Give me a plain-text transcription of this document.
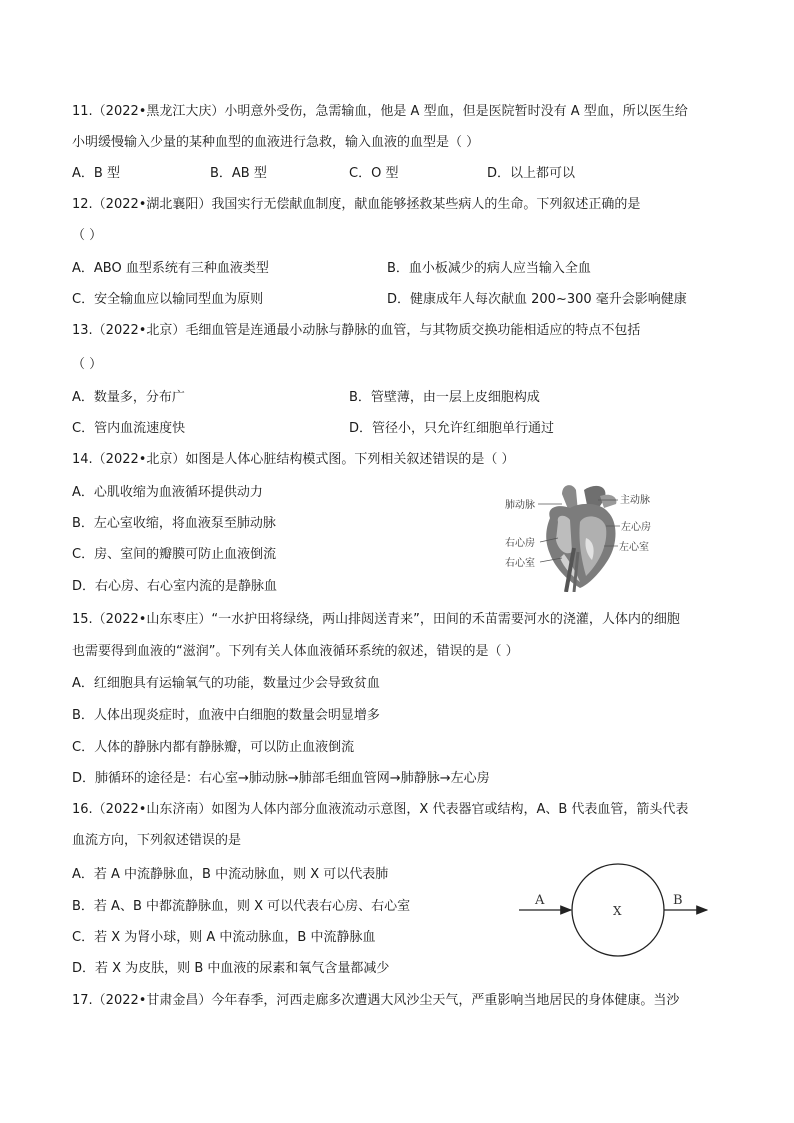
11.（2022•黑龙江大庆）小明意外受伤，急需输血，他是 A 型血，但是医院暂时没有 A 型血，所以医生给
小明缓慢输入少量的某种血型的血液进行急救，输入血液的血型是（ ）
A．B 型	B．AB 型	C．O 型	D．以上都可以
12.（2022•湖北襄阳）我国实行无偿献血制度，献血能够拯救某些病人的生命。下列叙述正确的是
（ ）
A．ABO 血型系统有三种血液类型	B．血小板减少的病人应当输入全血
C．安全输血应以输同型血为原则	D．健康成年人每次献血 200~300 毫升会影响健康
13.（2022•北京）毛细血管是连通最小动脉与静脉的血管，与其物质交换功能相适应的特点不包括
（ ）
A．数量多，分布广	B．管壁薄，由一层上皮细胞构成
C．管内血流速度快	D．管径小，只允许红细胞单行通过
14.（2022•北京）如图是人体心脏结构模式图。下列相关叙述错误的是（ ）
A．心肌收缩为血液循环提供动力
B．左心室收缩，将血液泵至肺动脉
C．房、室间的瓣膜可防止血液倒流
D．右心房、右心室内流的是静脉血
肺动脉	主动脉
左心房
右心房	左心室
右心室
15.（2022•山东枣庄）“一水护田将绿绕，两山排闼送青来”，田间的禾苗需要河水的浇灌，人体内的细胞
也需要得到血液的“滋润”。下列有关人体血液循环系统的叙述，错误的是（ ）
A．红细胞具有运输氧气的功能，数量过少会导致贫血
B．人体出现炎症时，血液中白细胞的数量会明显增多
C．人体的静脉内都有静脉瓣，可以防止血液倒流
D．肺循环的途径是：右心室→肺动脉→肺部毛细血管网→肺静脉→左心房
16.（2022•山东济南）如图为人体内部分血液流动示意图，X 代表器官或结构，A、B 代表血管，箭头代表
血流方向，下列叙述错误的是
A．若 A 中流静脉血，B 中流动脉血，则 X 可以代表肺
B．若 A、B 中都流静脉血，则 X 可以代表右心房、右心室
C．若 X 为肾小球，则 A 中流动脉血，B 中流静脉血
D．若 X 为皮肤，则 B 中血液的尿素和氧气含量都减少
A
X
B
17.（2022•甘肃金昌）今年春季，河西走廊多次遭遇大风沙尘天气，严重影响当地居民的身体健康。当沙
